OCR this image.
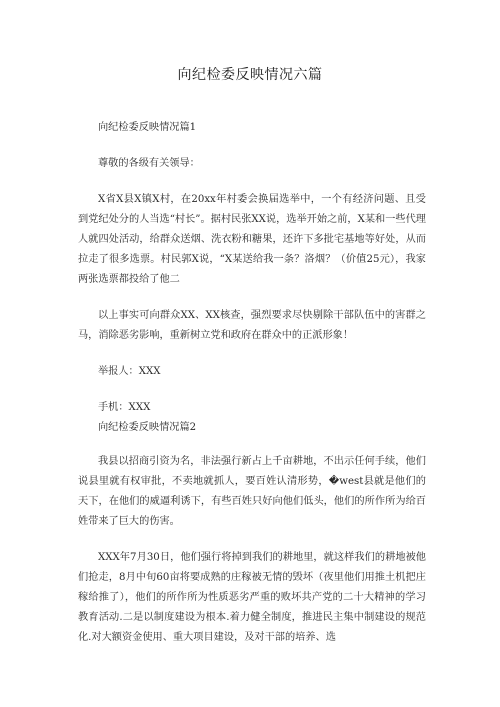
向纪检委反映情况六篇

向纪检委反映情况篇1

尊敬的各级有关领导：

X省X县X镇X村，在20xx年村委会换届选举中，一个有经济问题、且受到党纪处分的人当选“村长”。据村民张XX说，选举开始之前，X某和一些代理人就四处活动，给群众送烟、洗衣粉和糖果，还许下多批宅基地等好处，从而拉走了很多选票。村民郭X说，“X某送给我一条？洛烟？（价值25元），我家两张选票都投给了他二

以上事实可向群众XX、XX核查，强烈要求尽快剔除干部队伍中的害群之马，消除恶劣影响，重新树立党和政府在群众中的正派形象！

举报人：XXX

手机：XXX

向纪检委反映情况篇2

我县以招商引资为名，非法强行新占上千亩耕地，不出示任何手续，他们说县里就有权审批，不卖地就抓人，要百姓认清形势，�west县就是他们的天下，在他们的威逼利诱下，有些百姓只好向他们低头，他们的所作所为给百姓带来了巨大的伤害。

XXX年7月30日，他们强行将掉到我们的耕地里，就这样我们的耕地被他们抢走，8月中旬60亩将要成熟的庄稼被无情的毁坏（夜里他们用推土机把庄稼给推了），他们的所作所为性质恶劣严重的败坏共产党的二十大精神的学习教育活动.二是以制度建设为根本.着力健全制度，推进民主集中制建设的规范化.对大额资金使用、重大项目建设，及对干部的培养、选
